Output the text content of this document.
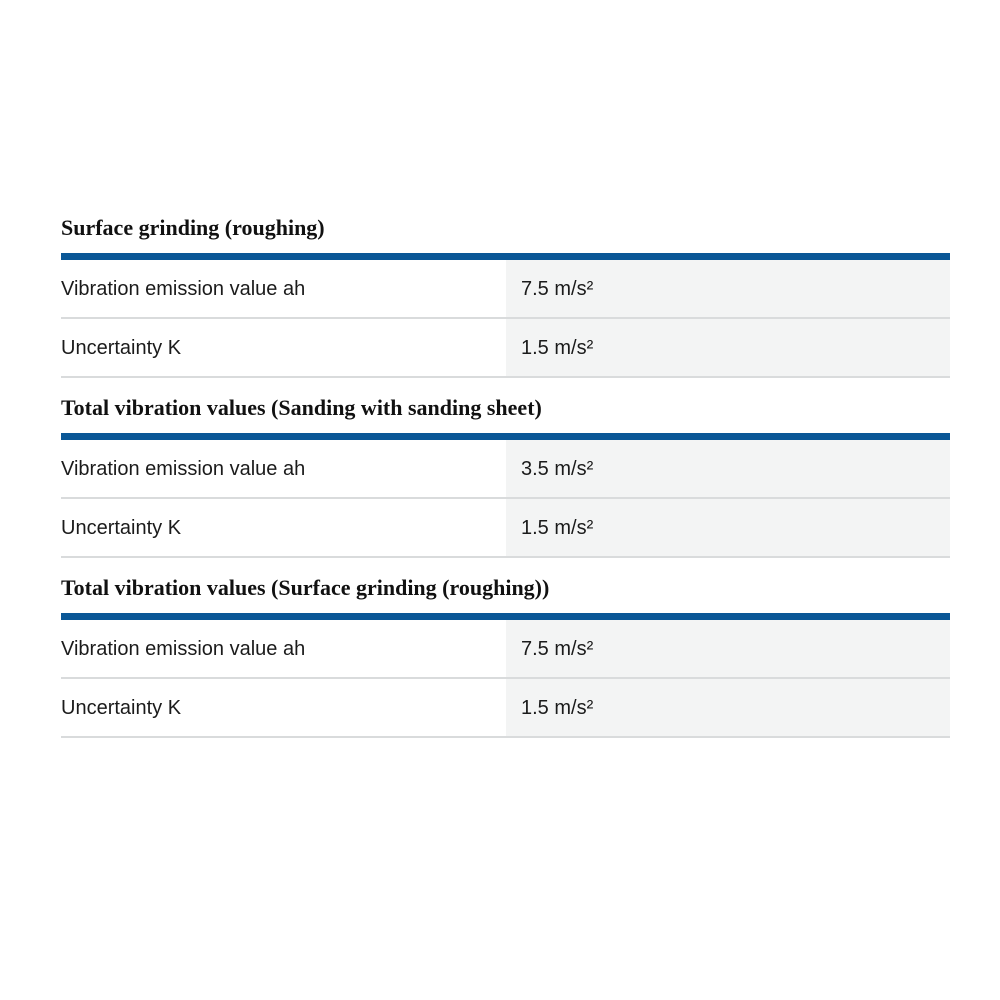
Surface grinding (roughing)
Vibration emission value ah	7.5 m/s²
Uncertainty K	1.5 m/s²
Total vibration values (Sanding with sanding sheet)
Vibration emission value ah	3.5 m/s²
Uncertainty K	1.5 m/s²
Total vibration values (Surface grinding (roughing))
Vibration emission value ah	7.5 m/s²
Uncertainty K	1.5 m/s²
